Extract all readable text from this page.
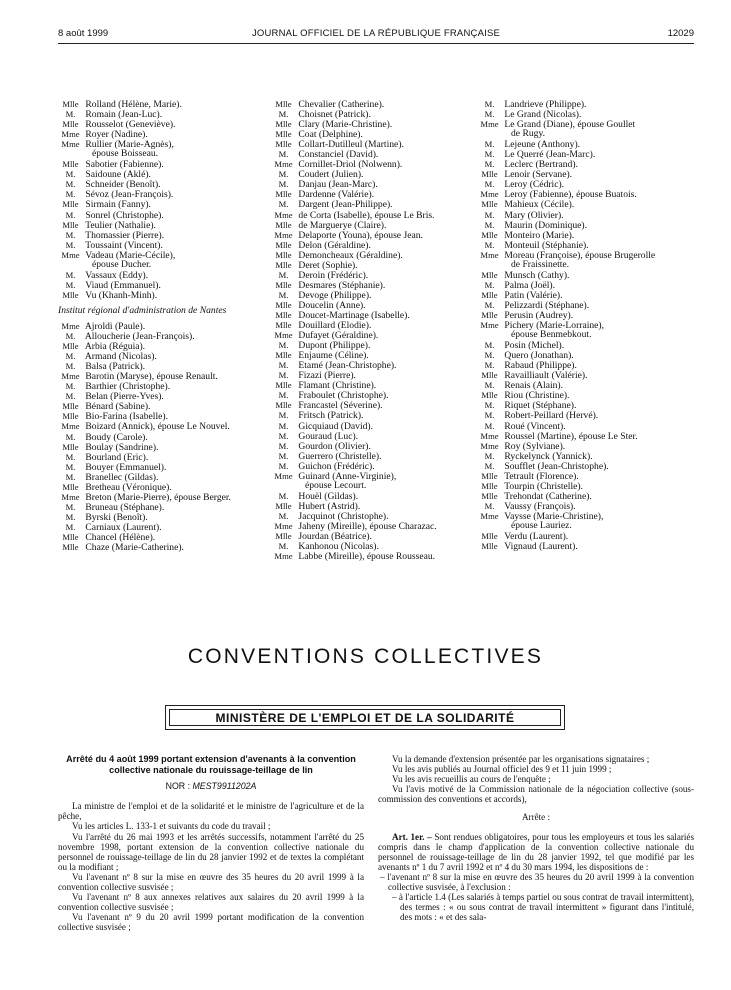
8 août 1999	JOURNAL OFFICIEL DE LA RÉPUBLIQUE FRANÇAISE	12029
Mlle Rolland (Hélène, Marie).
M. Romain (Jean-Luc).
Mlle Rousselot (Geneviève).
Mme Royer (Nadine).
Mme Rullier (Marie-Agnès),
épouse Boisseau.
Mlle Sabotier (Fabienne).
M. Saidoune (Aklé).
M. Schneider (Benoît).
M. Sévoz (Jean-François).
Mlle Sirmain (Fanny).
M. Sonrel (Christophe).
Mlle Teulier (Nathalie).
M. Thomassier (Pierre).
M. Toussaint (Vincent).
Mme Vadeau (Marie-Cécile),
épouse Ducher.
M. Vassaux (Eddy).
M. Viaud (Emmanuel).
Mlle Vu (Khanh-Minh).
Institut régional d'administration de Nantes
Mme Ajroldi (Paule).
M. Alloucherie (Jean-François).
Mlle Arbia (Réguia).
M. Armand (Nicolas).
M. Balsa (Patrick).
Mme Barotin (Maryse), épouse Renault.
M. Barthier (Christophe).
M. Belan (Pierre-Yves).
Mlle Bénard (Sabine).
Mlle Bio-Farina (Isabelle).
Mme Boizard (Annick), épouse Le Nouvel.
M. Boudy (Carole).
Mlle Boulay (Sandrine).
M. Bourland (Eric).
M. Bouyer (Emmanuel).
M. Branellec (Gildas).
Mlle Bretheau (Véronique).
Mme Breton (Marie-Pierre), épouse Berger.
M. Bruneau (Stéphane).
M. Byrski (Benoît).
M. Carniaux (Laurent).
Mlle Chancel (Hélène).
Mlle Chaze (Marie-Catherine).
Mlle Chevalier (Catherine).
M. Choisnet (Patrick).
Mlle Clary (Marie-Christine).
Mlle Coat (Delphine).
Mlle Collart-Dutilleul (Martine).
M. Constanciel (David).
Mme Cornillet-Driol (Nolwenn).
M. Coudert (Julien).
M. Danjau (Jean-Marc).
Mlle Dardenne (Valérie).
M. Dargent (Jean-Philippe).
Mme de Corta (Isabelle), épouse Le Bris.
Mlle de Marguerye (Claire).
Mme Delaporte (Youna), épouse Jean.
Mlle Delon (Géraldine).
Mlle Demoncheaux (Géraldine).
Mlle Deret (Sophie).
M. Deroin (Frédéric).
Mlle Desmares (Stéphanie).
M. Devoge (Philippe).
Mlle Doucelin (Anne).
Mlle Doucet-Martinage (Isabelle).
Mlle Douillard (Elodie).
Mme Dufayet (Géraldine).
M. Dupont (Philippe).
Mlle Enjaume (Céline).
M. Etamé (Jean-Christophe).
M. Fizazi (Pierre).
Mlle Flamant (Christine).
M. Fraboulet (Christophe).
Mlle Francastel (Séverine).
M. Fritsch (Patrick).
M. Gicquiaud (David).
M. Gouraud (Luc).
M. Gourdon (Olivier).
M. Guerrero (Christelle).
M. Guichon (Frédéric).
Mme Guinard (Anne-Virginie),
épouse Lecourt.
M. Houël (Gildas).
Mlle Hubert (Astrid).
M. Jacquinot (Christophe).
Mme Jaheny (Mireille), épouse Charazac.
Mlle Jourdan (Béatrice).
M. Kanhonou (Nicolas).
Mme Labbe (Mireille), épouse Rousseau.
M. Landrieve (Philippe).
M. Le Grand (Nicolas).
Mme Le Grand (Diane), épouse Goullet
de Rugy.
M. Lejeune (Anthony).
M. Le Querré (Jean-Marc).
M. Leclerc (Bertrand).
Mlle Lenoir (Servane).
M. Leroy (Cédric).
Mme Leroy (Fabienne), épouse Buatois.
Mlle Mahieux (Cécile).
M. Mary (Olivier).
M. Maurin (Dominique).
Mlle Monteiro (Marie).
M. Monteuil (Stéphanie).
Mme Moreau (Françoise), épouse Brugerolle
de Fraissinette.
Mlle Munsch (Cathy).
M. Palma (Joël).
Mlle Patin (Valérie).
M. Pelizzardi (Stéphane).
Mlle Perusin (Audrey).
Mme Pichery (Marie-Lorraine),
épouse Benmebkout.
M. Posin (Michel).
M. Quero (Jonathan).
M. Rabaud (Philippe).
Mlle Ravailliault (Valérie).
M. Renais (Alain).
Mlle Riou (Christine).
M. Riquet (Stéphane).
M. Robert-Peillard (Hervé).
M. Roué (Vincent).
Mme Roussel (Martine), épouse Le Ster.
Mme Roy (Sylviane).
M. Ryckelynck (Yannick).
M. Soufflet (Jean-Christophe).
Mlle Tetrault (Florence).
Mlle Tourpin (Christelle).
Mlle Trehondat (Catherine).
M. Vaussy (François).
Mme Vaysse (Marie-Christine),
épouse Lauriez.
Mlle Verdu (Laurent).
Mlle Vignaud (Laurent).
CONVENTIONS COLLECTIVES
MINISTÈRE DE L'EMPLOI ET DE LA SOLIDARITÉ
Arrêté du 4 août 1999 portant extension d'avenants à la convention collective nationale du rouissage-teillage de lin
NOR : MEST9911202A
La ministre de l'emploi et de la solidarité et le ministre de l'agriculture et de la pêche,
Vu les articles L. 133-1 et suivants du code du travail ;
Vu l'arrêté du 26 mai 1993 et les arrêtés successifs, notamment l'arrêté du 25 novembre 1998, portant extension de la convention collective nationale du personnel de rouissage-teillage de lin du 28 janvier 1992 et de textes la complétant ou la modifiant ;
Vu l'avenant nº 8 sur la mise en œuvre des 35 heures du 20 avril 1999 à la convention collective susvisée ;
Vu l'avenant nº 8 aux annexes relatives aux salaires du 20 avril 1999 à la convention collective susvisée ;
Vu l'avenant nº 9 du 20 avril 1999 portant modification de la convention collective susvisée ;
Vu la demande d'extension présentée par les organisations signataires ;
Vu les avis publiés au Journal officiel des 9 et 11 juin 1999 ;
Vu les avis recueillis au cours de l'enquête ;
Vu l'avis motivé de la Commission nationale de la négociation collective (sous-commission des conventions et accords),
Arrête :
Art. 1er. – Sont rendues obligatoires, pour tous les employeurs et tous les salariés compris dans le champ d'application de la convention collective nationale du personnel de rouissage-teillage de lin du 28 janvier 1992, tel que modifié par les avenants nº 1 du 7 avril 1992 et nº 4 du 30 mars 1994, les dispositions de :
– l'avenant nº 8 sur la mise en œuvre des 35 heures du 20 avril 1999 à la convention collective susvisée, à l'exclusion :
– à l'article 1.4 (Les salariés à temps partiel ou sous contrat de travail intermittent), des termes : « ou sous contrat de travail intermittent » figurant dans l'intitulé, des mots : « et des sala-
